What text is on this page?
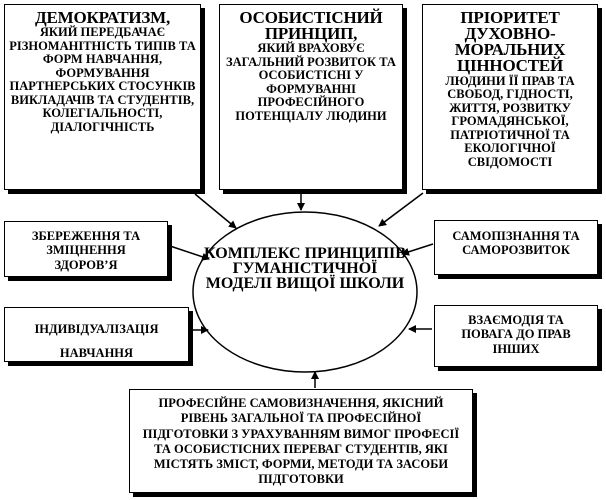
ДЕМОКРАТИЗМ,
ЯКИЙ ПЕРЕДБАЧАЄ РІЗНОМАНІТНІСТЬ ТИПІВ ТА ФОРМ НАВЧАННЯ, ФОРМУВАННЯ ПАРТНЕРСЬКИХ СТОСУНКІВ ВИКЛАДАЧІВ ТА СТУДЕНТІВ, КОЛЕГІАЛЬНОСТІ, ДІАЛОГІЧНІСТЬ
ОСОБИСТІСНИЙ ПРИНЦИП,
ЯКИЙ ВРАХОВУЄ ЗАГАЛЬНИЙ РОЗВИТОК ТА ОСОБИСТІСНІ У ФОРМУВАННІ ПРОФЕСІЙНОГО ПОТЕНЦІАЛУ ЛЮДИНИ
ПРІОРИТЕТ ДУХОВНО-МОРАЛЬНИХ ЦІННОСТЕЙ
ЛЮДИНИ ЇЇ ПРАВ ТА СВОБОД, ГІДНОСТІ, ЖИТТЯ, РОЗВИТКУ ГРОМАДЯНСЬКОЇ, ПАТРІОТИЧНОЇ ТА ЕКОЛОГІЧНОЇ СВІДОМОСТІ
ЗБЕРЕЖЕННЯ ТА ЗМІЦНЕННЯ ЗДОРОВ’Я
ІНДИВІДУАЛІЗАЦІЯ НАВЧАННЯ
САМОПІЗНАННЯ ТА САМОРОЗВИТОК
ВЗАЄМОДІЯ ТА ПОВАГА ДО ПРАВ ІНШИХ
ПРОФЕСІЙНЕ САМОВИЗНАЧЕННЯ, ЯКІСНИЙ РІВЕНЬ ЗАГАЛЬНОЇ ТА ПРОФЕСІЙНОЇ ПІДГОТОВКИ З УРАХУВАННЯМ ВИМОГ ПРОФЕСІЇ ТА ОСОБИСТІСНИХ ПЕРЕВАГ СТУДЕНТІВ, ЯКІ МІСТЯТЬ ЗМІСТ, ФОРМИ, МЕТОДИ ТА ЗАСОБИ ПІДГОТОВКИ
КОМПЛЕКС ПРИНЦИПІВ ГУМАНІСТИЧНОЇ МОДЕЛІ ВИЩОЇ ШКОЛИ
